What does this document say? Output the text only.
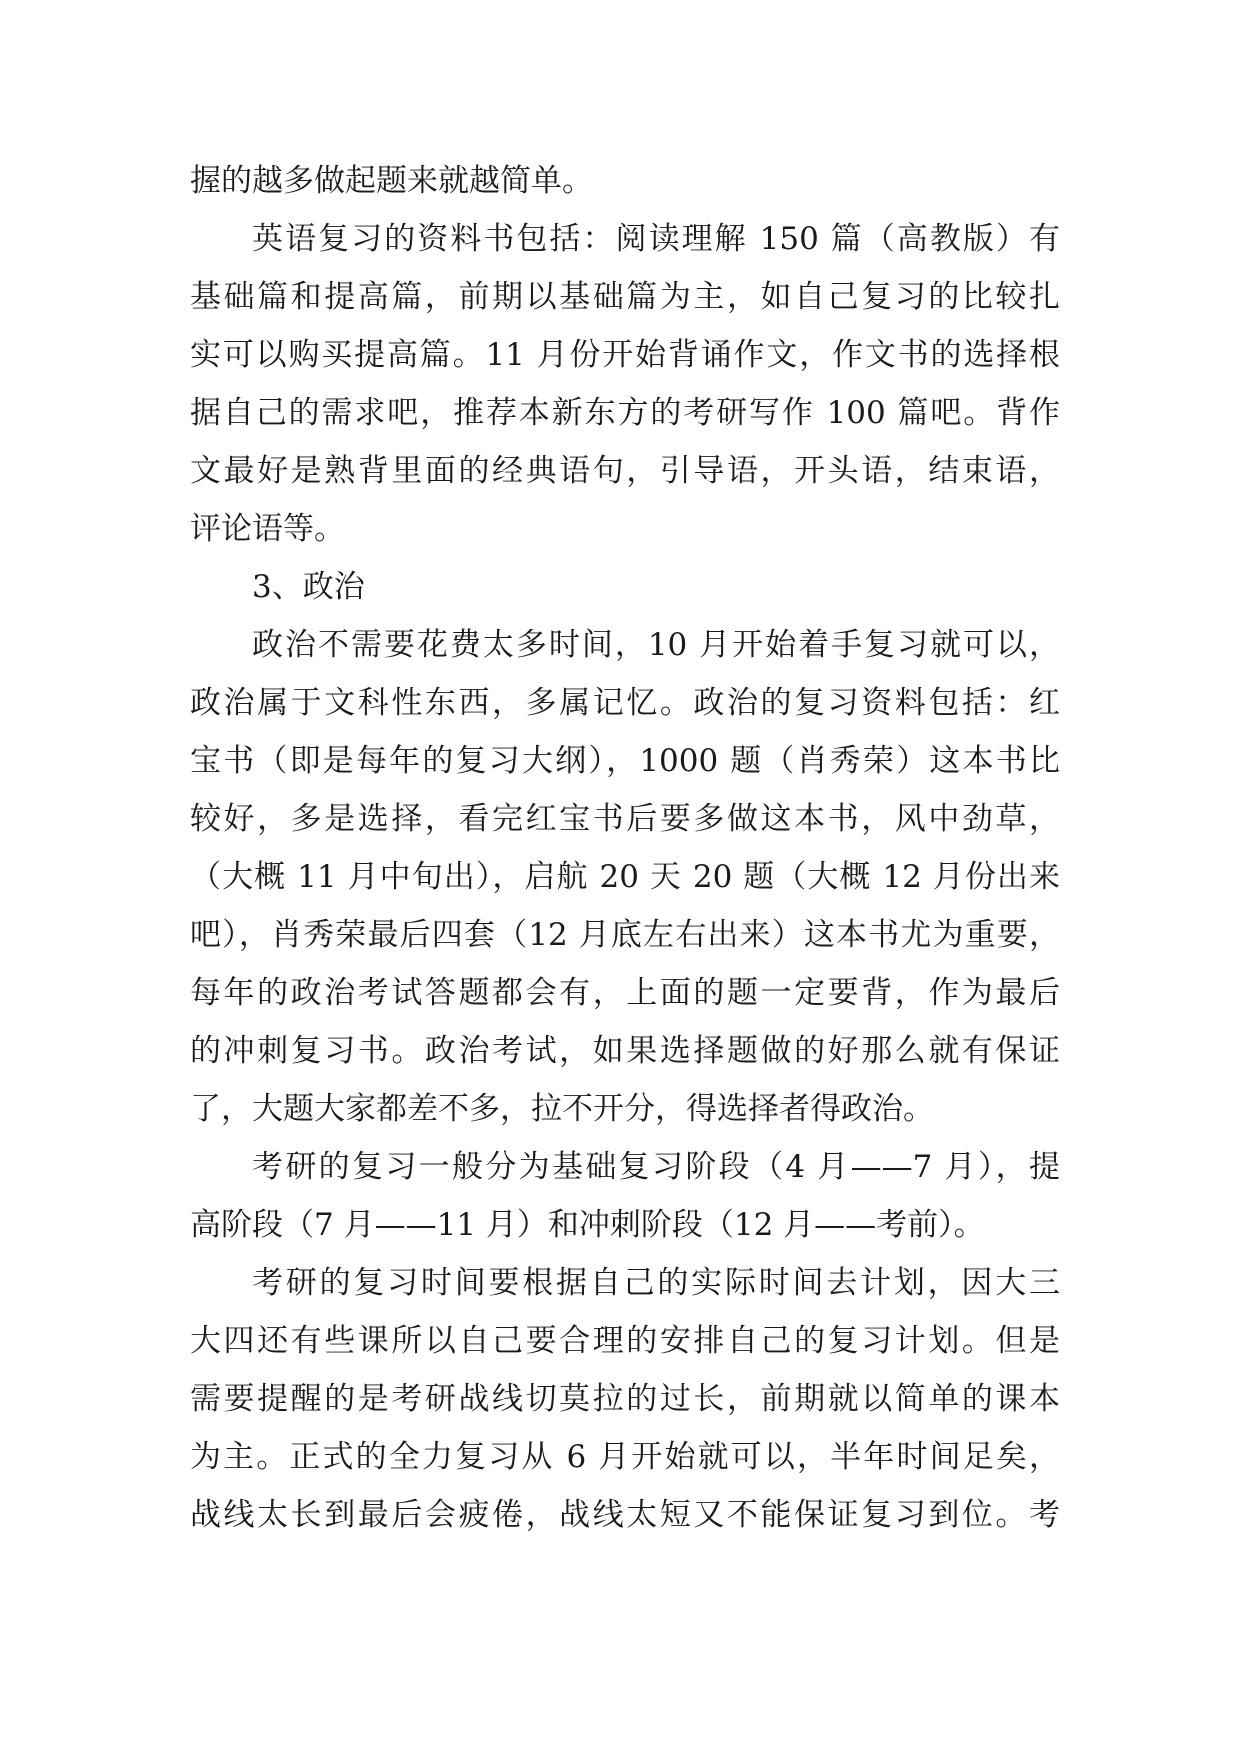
握的越多做起题来就越简单。
英语复习的资料书包括：阅读理解 150 篇（高教版）有
基础篇和提高篇，前期以基础篇为主，如自己复习的比较扎
实可以购买提高篇。11 月份开始背诵作文，作文书的选择根
据自己的需求吧，推荐本新东方的考研写作 100 篇吧。背作
文最好是熟背里面的经典语句，引导语，开头语，结束语，
评论语等。
3、政治
政治不需要花费太多时间，10 月开始着手复习就可以，
政治属于文科性东西，多属记忆。政治的复习资料包括：红
宝书（即是每年的复习大纲），1000 题（肖秀荣）这本书比
较好，多是选择，看完红宝书后要多做这本书，风中劲草，
（大概 11 月中旬出），启航 20 天 20 题（大概 12 月份出来
吧），肖秀荣最后四套（12 月底左右出来）这本书尤为重要，
每年的政治考试答题都会有，上面的题一定要背，作为最后
的冲刺复习书。政治考试，如果选择题做的好那么就有保证
了，大题大家都差不多，拉不开分，得选择者得政治。
考研的复习一般分为基础复习阶段（4 月——7 月），提
高阶段（7 月——11 月）和冲刺阶段（12 月——考前）。
考研的复习时间要根据自己的实际时间去计划，因大三
大四还有些课所以自己要合理的安排自己的复习计划。但是
需要提醒的是考研战线切莫拉的过长，前期就以简单的课本
为主。正式的全力复习从 6 月开始就可以，半年时间足矣，
战线太长到最后会疲倦，战线太短又不能保证复习到位。考
